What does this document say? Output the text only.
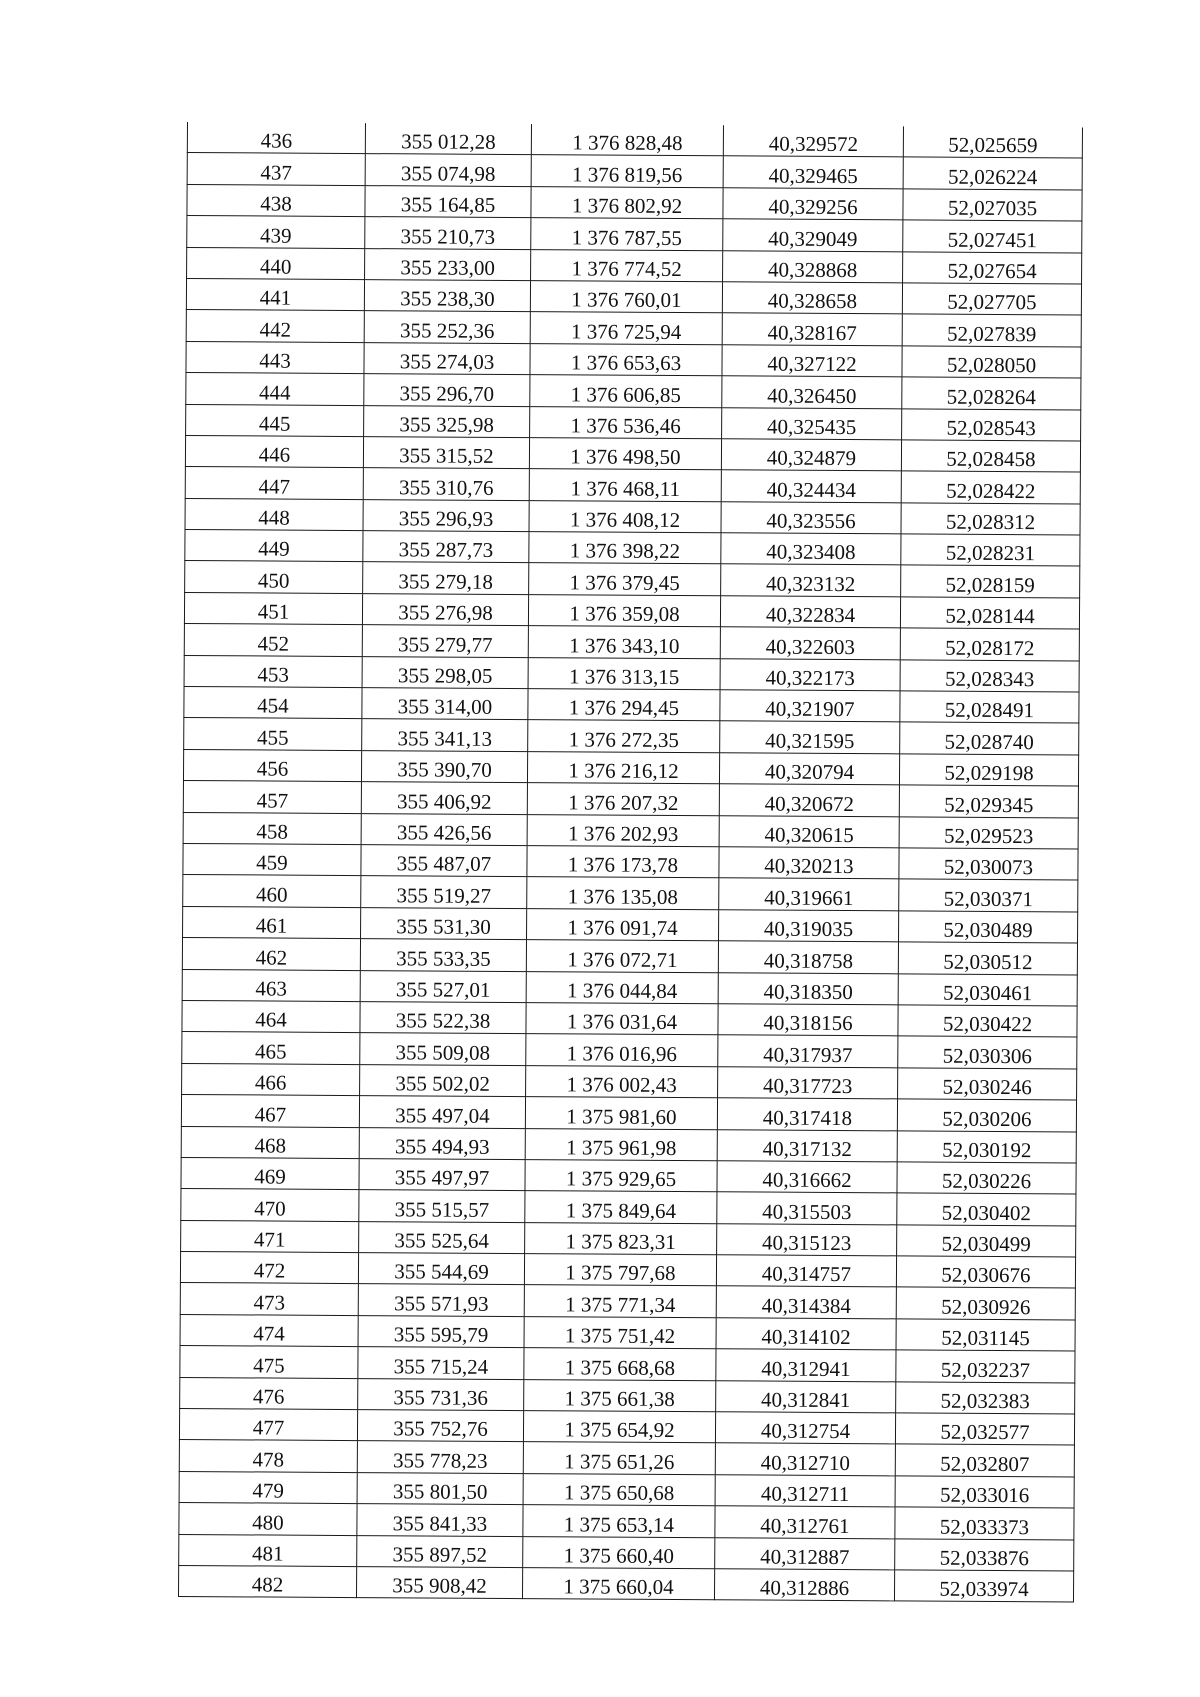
436	355 012,28	1 376 828,48	40,329572	52,025659
437	355 074,98	1 376 819,56	40,329465	52,026224
438	355 164,85	1 376 802,92	40,329256	52,027035
439	355 210,73	1 376 787,55	40,329049	52,027451
440	355 233,00	1 376 774,52	40,328868	52,027654
441	355 238,30	1 376 760,01	40,328658	52,027705
442	355 252,36	1 376 725,94	40,328167	52,027839
443	355 274,03	1 376 653,63	40,327122	52,028050
444	355 296,70	1 376 606,85	40,326450	52,028264
445	355 325,98	1 376 536,46	40,325435	52,028543
446	355 315,52	1 376 498,50	40,324879	52,028458
447	355 310,76	1 376 468,11	40,324434	52,028422
448	355 296,93	1 376 408,12	40,323556	52,028312
449	355 287,73	1 376 398,22	40,323408	52,028231
450	355 279,18	1 376 379,45	40,323132	52,028159
451	355 276,98	1 376 359,08	40,322834	52,028144
452	355 279,77	1 376 343,10	40,322603	52,028172
453	355 298,05	1 376 313,15	40,322173	52,028343
454	355 314,00	1 376 294,45	40,321907	52,028491
455	355 341,13	1 376 272,35	40,321595	52,028740
456	355 390,70	1 376 216,12	40,320794	52,029198
457	355 406,92	1 376 207,32	40,320672	52,029345
458	355 426,56	1 376 202,93	40,320615	52,029523
459	355 487,07	1 376 173,78	40,320213	52,030073
460	355 519,27	1 376 135,08	40,319661	52,030371
461	355 531,30	1 376 091,74	40,319035	52,030489
462	355 533,35	1 376 072,71	40,318758	52,030512
463	355 527,01	1 376 044,84	40,318350	52,030461
464	355 522,38	1 376 031,64	40,318156	52,030422
465	355 509,08	1 376 016,96	40,317937	52,030306
466	355 502,02	1 376 002,43	40,317723	52,030246
467	355 497,04	1 375 981,60	40,317418	52,030206
468	355 494,93	1 375 961,98	40,317132	52,030192
469	355 497,97	1 375 929,65	40,316662	52,030226
470	355 515,57	1 375 849,64	40,315503	52,030402
471	355 525,64	1 375 823,31	40,315123	52,030499
472	355 544,69	1 375 797,68	40,314757	52,030676
473	355 571,93	1 375 771,34	40,314384	52,030926
474	355 595,79	1 375 751,42	40,314102	52,031145
475	355 715,24	1 375 668,68	40,312941	52,032237
476	355 731,36	1 375 661,38	40,312841	52,032383
477	355 752,76	1 375 654,92	40,312754	52,032577
478	355 778,23	1 375 651,26	40,312710	52,032807
479	355 801,50	1 375 650,68	40,312711	52,033016
480	355 841,33	1 375 653,14	40,312761	52,033373
481	355 897,52	1 375 660,40	40,312887	52,033876
482	355 908,42	1 375 660,04	40,312886	52,033974
